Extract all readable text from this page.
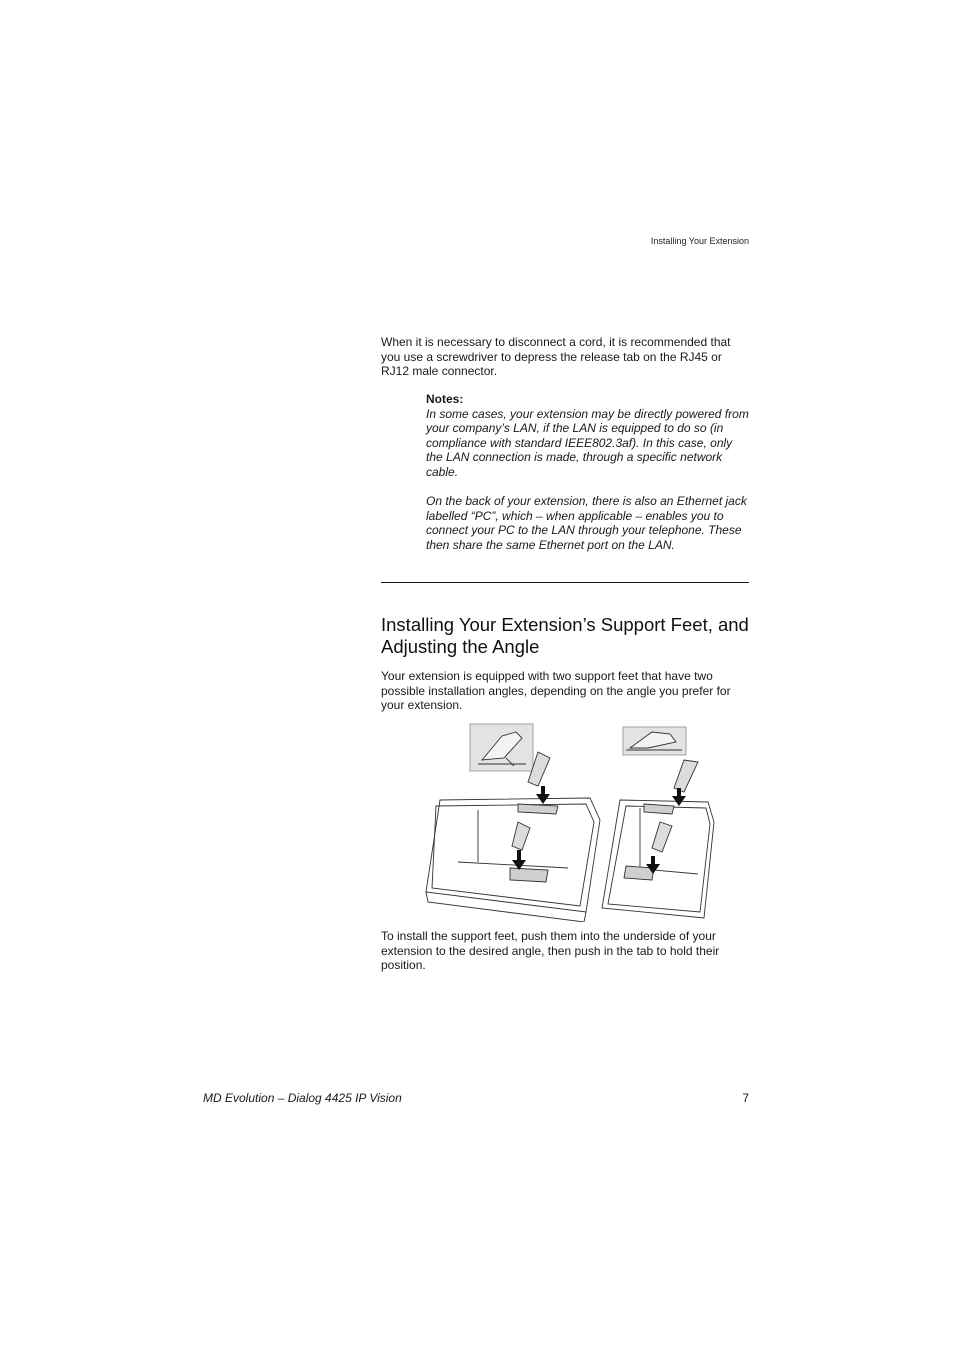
Installing Your Extension
When it is necessary to disconnect a cord, it is recommended that you use a screwdriver to depress the release tab on the RJ45 or RJ12 male connector.
Notes:

In some cases, your extension may be directly powered from your company’s LAN, if the LAN is equipped to do so (in compliance with standard IEEE802.3af). In this case, only the LAN connection is made, through a specific network cable.

On the back of your extension, there is also an Ethernet jack labelled “PC”, which – when applicable – enables you to connect your PC to the LAN through your telephone. These then share the same Ethernet port on the LAN.

Installing Your Extension’s Support Feet, and Adjusting the Angle
Your extension is equipped with two support feet that have two possible installation angles, depending on the angle you prefer for your extension.
To install the support feet, push them into the underside of your extension to the desired angle, then push in the tab to hold their position.
MD Evolution – Dialog 4425 IP Vision	7
